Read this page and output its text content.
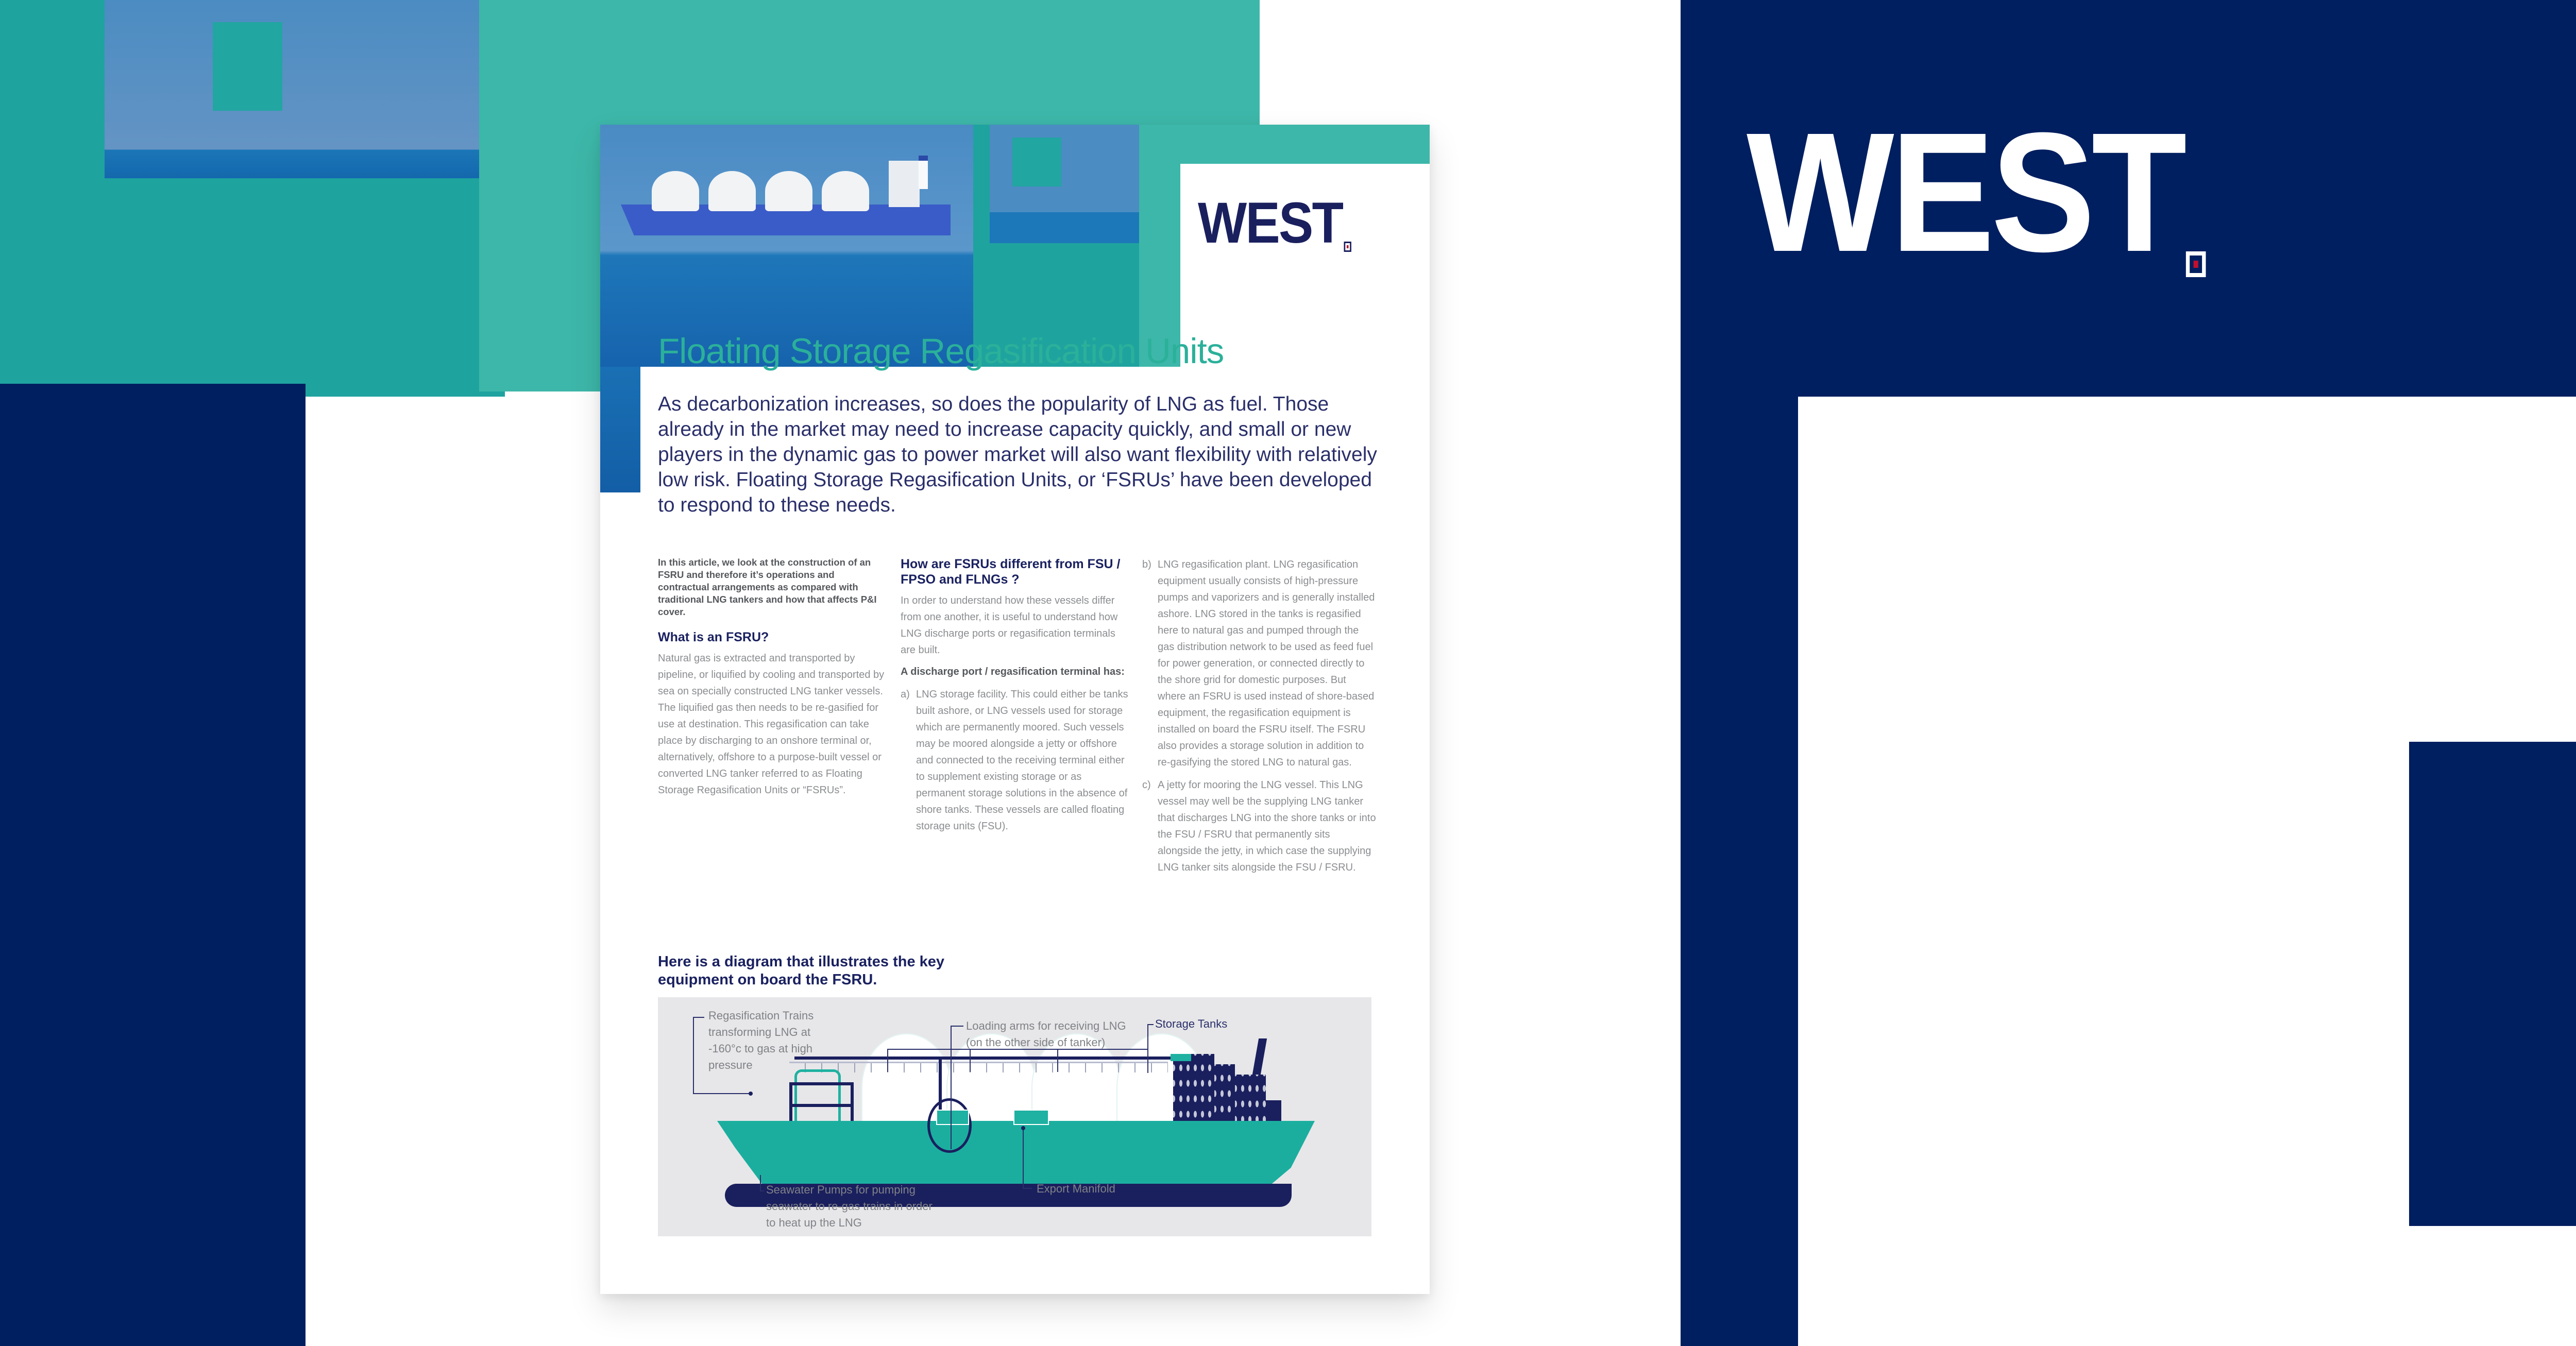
WEST
WEST
Floating Storage Regasification Units
As decarbonization increases, so does the popularity of LNG as fuel. Those already in the market may need to increase capacity quickly, and small or new players in the dynamic gas to power market will also want flexibility with relatively low risk. Floating Storage Regasification Units, or ‘FSRUs’ have been developed to respond to these needs.

In this article, we look at the construction of an FSRU and therefore it’s operations and contractual arrangements as compared with traditional LNG tankers and how that affects P&I cover.

What is an FSRU?

Natural gas is extracted and transported by pipeline, or liquified by cooling and transported by sea on specially constructed LNG tanker vessels. The liquified gas then needs to be re-gasified for use at destination. This regasification can take place by discharging to an onshore terminal or, alternatively, offshore to a purpose-built vessel or converted LNG tanker referred to as Floating Storage Regasification Units or “FSRUs”.

How are FSRUs different from FSU / FPSO and FLNGs ?

In order to understand how these vessels differ from one another, it is useful to understand how LNG discharge ports or regasification terminals are built.

A discharge port / regasification terminal has:

a) LNG storage facility. This could either be tanks built ashore, or LNG vessels used for storage which are permanently moored. Such vessels may be moored alongside a jetty or offshore and connected to the receiving terminal either to supplement existing storage or as permanent storage solutions in the absence of shore tanks. These vessels are called floating storage units (FSU).
b) LNG regasification plant. LNG regasification equipment usually consists of high-pressure pumps and vaporizers and is generally installed ashore. LNG stored in the tanks is regasified here to natural gas and pumped through the gas distribution network to be used as feed fuel for power generation, or connected directly to the shore grid for domestic purposes. But where an FSRU is used instead of shore-based equipment, the regasification equipment is installed on board the FSRU itself. The FSRU also provides a storage solution in addition to re-gasifying the stored LNG to natural gas.
c) A jetty for mooring the LNG vessel. This LNG vessel may well be the supplying LNG tanker that discharges LNG into the shore tanks or into the FSU / FSRU that permanently sits alongside the jetty, in which case the supplying LNG tanker sits alongside the FSU / FSRU.
Here is a diagram that illustrates the key equipment on board the FSRU.
Regasification Trains
transforming LNG at
-160°c to gas at high
pressure
Loading arms for receiving LNG
(on the other side of tanker)
Storage Tanks
Seawater Pumps for pumping
seawater to re-gas trains in order
to heat up the LNG
Export Manifold
